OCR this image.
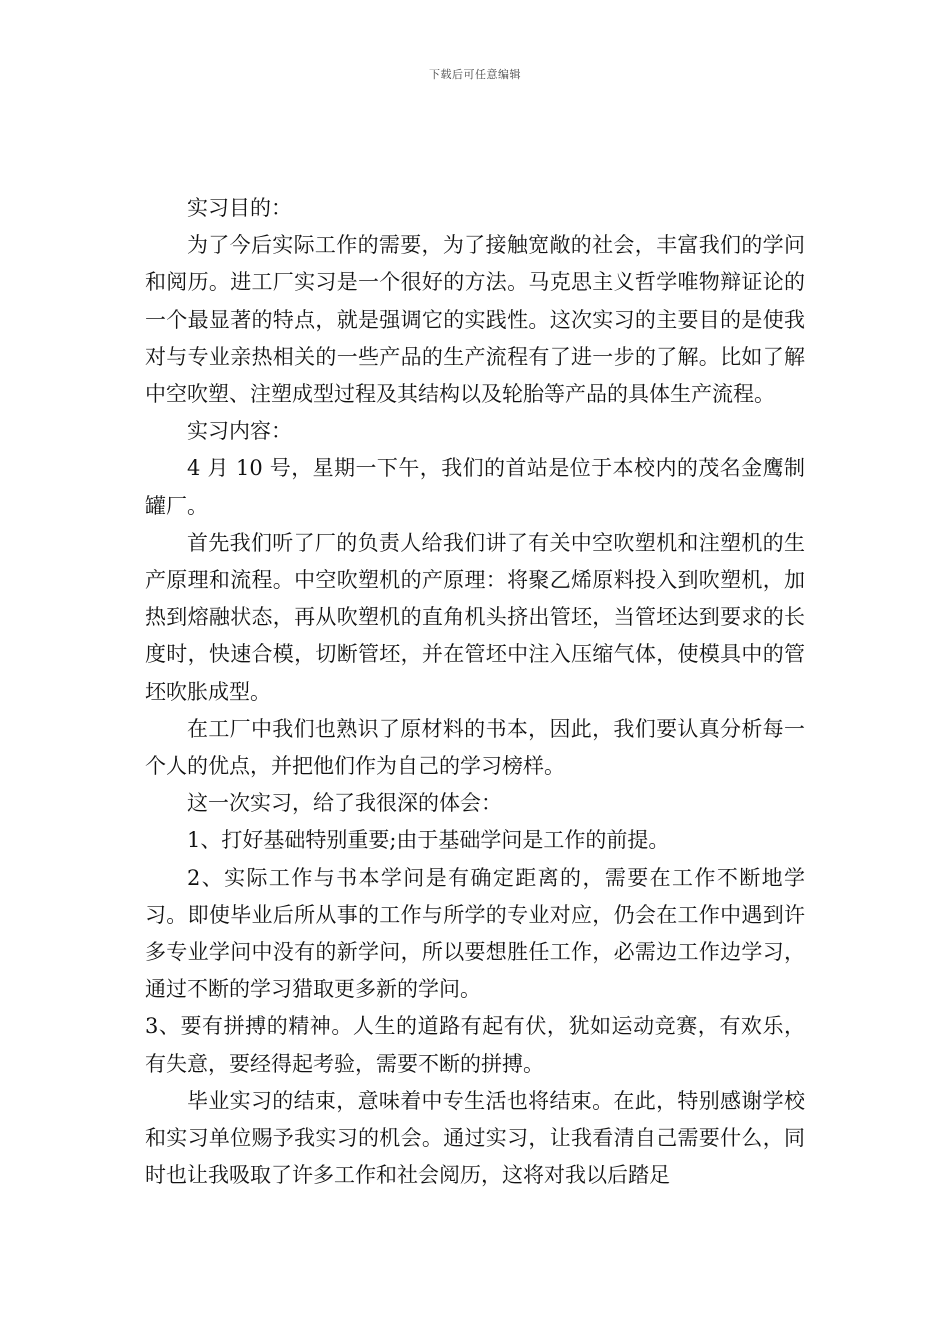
下载后可任意编辑

实习目的：

为了今后实际工作的需要，为了接触宽敞的社会，丰富我们的学问和阅历。进工厂实习是一个很好的方法。马克思主义哲学唯物辩证论的一个最显著的特点，就是强调它的实践性。这次实习的主要目的是使我对与专业亲热相关的一些产品的生产流程有了进一步的了解。比如了解中空吹塑、注塑成型过程及其结构以及轮胎等产品的具体生产流程。

实习内容：

4 月 10 号，星期一下午，我们的首站是位于本校内的茂名金鹰制罐厂。

首先我们听了厂的负责人给我们讲了有关中空吹塑机和注塑机的生产原理和流程。中空吹塑机的产原理：将聚乙烯原料投入到吹塑机，加热到熔融状态，再从吹塑机的直角机头挤出管坯，当管坯达到要求的长度时，快速合模，切断管坯，并在管坯中注入压缩气体，使模具中的管坯吹胀成型。

在工厂中我们也熟识了原材料的书本，因此，我们要认真分析每一个人的优点，并把他们作为自己的学习榜样。

这一次实习，给了我很深的体会：

1、打好基础特别重要;由于基础学问是工作的前提。

2、实际工作与书本学问是有确定距离的，需要在工作不断地学习。即使毕业后所从事的工作与所学的专业对应，仍会在工作中遇到许多专业学问中没有的新学问，所以要想胜任工作，必需边工作边学习，通过不断的学习猎取更多新的学问。

3、要有拼搏的精神。人生的道路有起有伏，犹如运动竞赛，有欢乐，有失意，要经得起考验，需要不断的拼搏。

毕业实习的结束，意味着中专生活也将结束。在此，特别感谢学校和实习单位赐予我实习的机会。通过实习，让我看清自己需要什么，同时也让我吸取了许多工作和社会阅历，这将对我以后踏足
